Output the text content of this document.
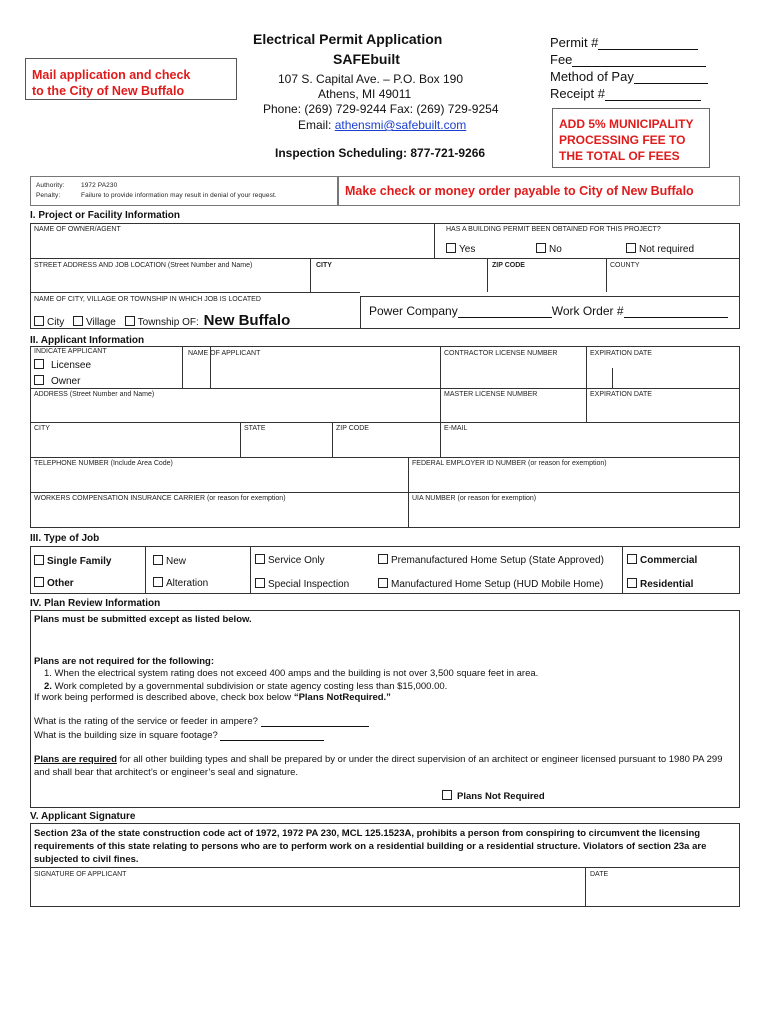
Electrical Permit Application
SAFEbuilt
107 S. Capital Ave. – P.O. Box 190
Athens, MI 49011
Phone: (269) 729-9244 Fax: (269) 729-9254
Email: athensmi@safebuilt.com
Inspection Scheduling: 877-721-9266
Mail application and check
to the City of New Buffalo
Permit #
Fee
Method of Pay
Receipt #
ADD 5% MUNICIPALITY
PROCESSING FEE TO
THE TOTAL OF FEES
Authority:	1972 PA230
Penalty:	Failure to provide information may result in denial of your request.	Make check or money order payable to City of New Buffalo
I. Project or Facility Information
NAME OF OWNER/AGENT	HAS A BUILDING PERMIT BEEN OBTAINED FOR THIS PROJECT?
Yes	No	Not required
STREET ADDRESS AND JOB LOCATION (Street Number and Name)	CITY	ZIP CODE	COUNTY
NAME OF CITY, VILLAGE OR TOWNSHIP IN WHICH JOB IS LOCATED
City Village Township OF: New Buffalo
Power Company	Work Order #
II. Applicant Information
INDICATE APPLICANT
Licensee
Owner
NAME OF APPLICANT	CONTRACTOR LICENSE NUMBER	EXPIRATION DATE
ADDRESS (Street Number and Name)	MASTER LICENSE NUMBER	EXPIRATION DATE
CITY	STATE	ZIP CODE	E-MAIL
TELEPHONE NUMBER (Include Area Code)	FEDERAL EMPLOYER ID NUMBER (or reason for exemption)
WORKERS COMPENSATION INSURANCE CARRIER (or reason for exemption)	UIA NUMBER (or reason for exemption)
III. Type of Job
Single Family
Other
New
Alteration
Service Only
Special Inspection
Premanufactured Home Setup (State Approved)
Manufactured Home Setup (HUD Mobile Home)
Commercial
Residential
IV. Plan Review Information
Plans must be submitted except as listed below.
Plans are not required for the following:
1. When the electrical system rating does not exceed 400 amps and the building is not over 3,500 square feet in area.
2. Work completed by a governmental subdivision or state agency costing less than $15,000.00.
If work being performed is described above, check box below “Plans NotRequired.”
What is the rating of the service or feeder in ampere?
What is the building size in square footage?
Plans are required for all other building types and shall be prepared by or under the direct supervision of an architect or engineer licensed pursuant to 1980 PA 299 and shall bear that architect’s or engineer’s seal and signature.
Plans Not Required
V. Applicant Signature
Section 23a of the state construction code act of 1972, 1972 PA 230, MCL 125.1523A, prohibits a person from conspiring to circumvent the licensing requirements of this state relating to persons who are to perform work on a residential building or a residential structure. Violators of section 23a are subjected to civil fines.
SIGNATURE OF APPLICANT	DATE
